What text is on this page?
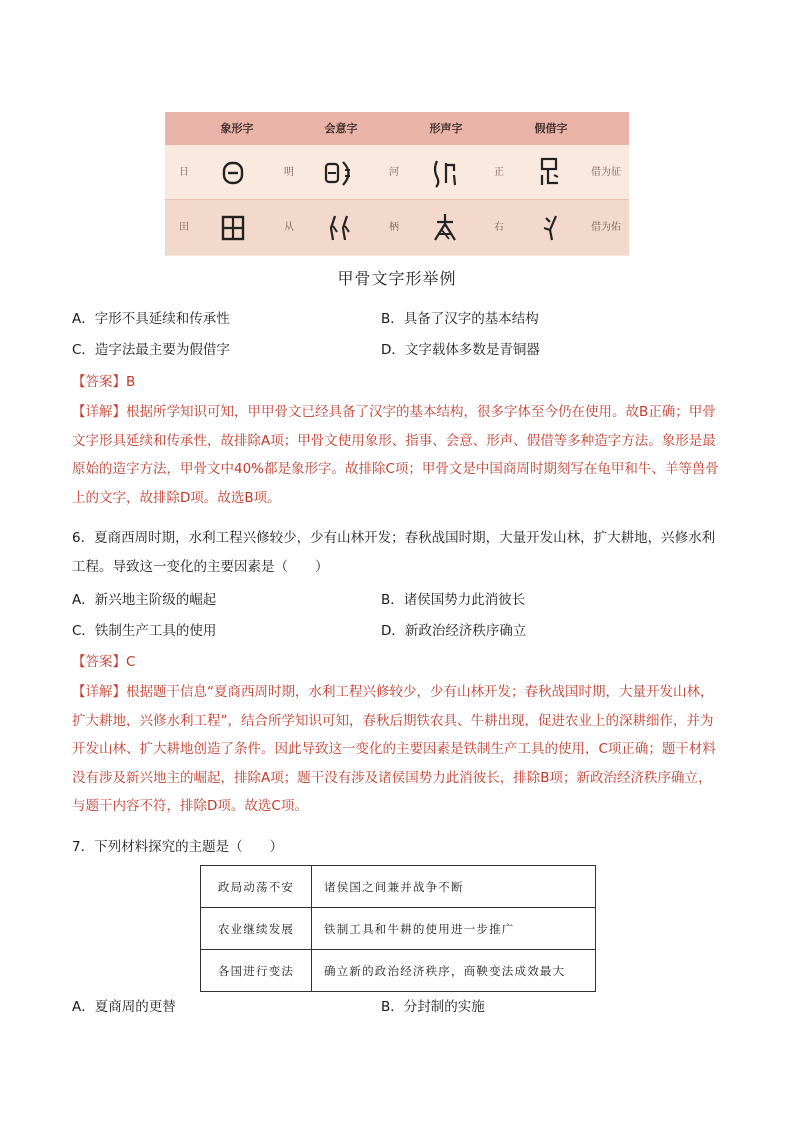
象形字	会意字	形声字	假借字
日	明	河	正	借为征
田	从	柄	右	借为佑
甲骨文字形举例
A．字形不具延续和传承性	B．具备了汉字的基本结构
C．造字法最主要为假借字	D．文字载体多数是青铜器
【答案】B
【详解】根据所学知识可知，甲甲骨文已经具备了汉字的基本结构，很多字体至今仍在使用。故B正确；甲骨文字形具延续和传承性，故排除A项；甲骨文使用象形、指事、会意、形声、假借等多种造字方法。象形是最原始的造字方法，甲骨文中40%都是象形字。故排除C项；甲骨文是中国商周时期刻写在龟甲和牛、羊等兽骨上的文字，故排除D项。故选B项。
6．夏商西周时期，水利工程兴修较少，少有山林开发；春秋战国时期，大量开发山林，扩大耕地，兴修水利工程。导致这一变化的主要因素是（　　）
A．新兴地主阶级的崛起	B．诸侯国势力此消彼长
C．铁制生产工具的使用	D．新政治经济秩序确立
【答案】C
【详解】根据题干信息“夏商西周时期，水利工程兴修较少，少有山林开发；春秋战国时期，大量开发山林，扩大耕地，兴修水利工程”，结合所学知识可知，春秋后期铁农具、牛耕出现，促进农业上的深耕细作，并为开发山林、扩大耕地创造了条件。因此导致这一变化的主要因素是铁制生产工具的使用，C项正确；题干材料没有涉及新兴地主的崛起，排除A项；题干没有涉及诸侯国势力此消彼长，排除B项；新政治经济秩序确立，与题干内容不符，排除D项。故选C项。
7．下列材料探究的主题是（　　）
政局动荡不安	诸侯国之间兼并战争不断
农业继续发展	铁制工具和牛耕的使用进一步推广
各国进行变法	确立新的政治经济秩序，商鞅变法成效最大
A．夏商周的更替	B．分封制的实施
